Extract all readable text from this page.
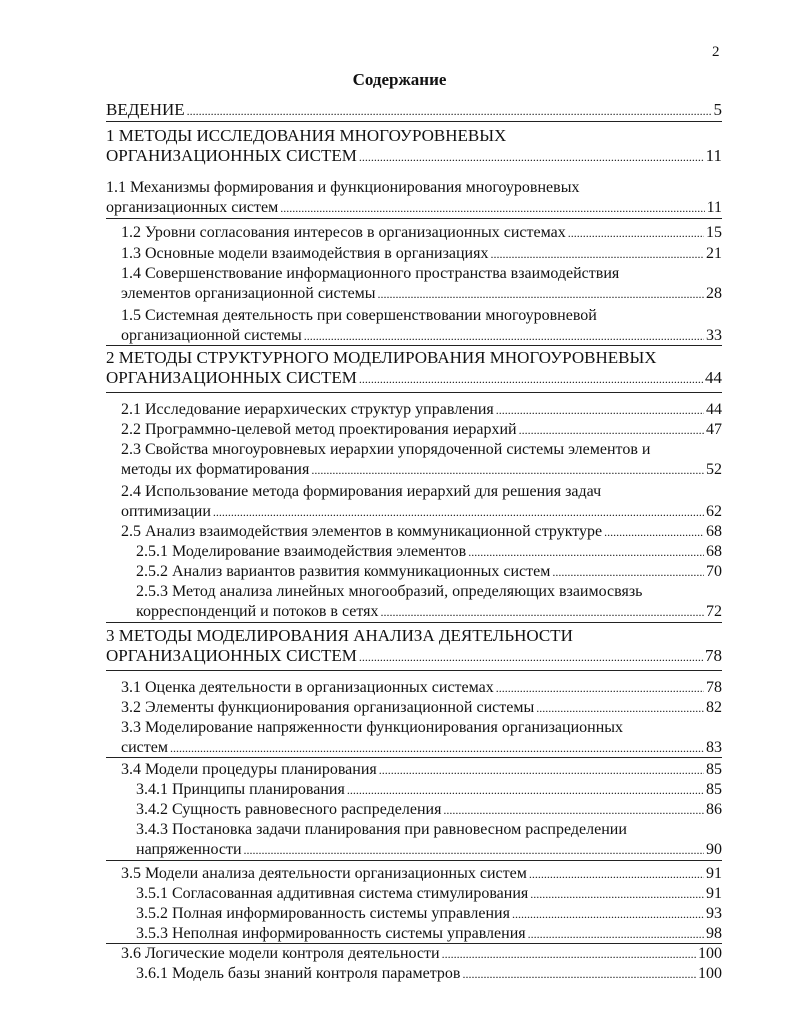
2
Содержание
ВЕДЕНИЕ . . .	5
1 МЕТОДЫ ИССЛЕДОВАНИЯ МНОГОУРОВНЕВЫХ
ОРГАНИЗАЦИОННЫХ СИСТЕМ . . .	11
1.1 Механизмы формирования и функционирования многоуровневых
организационных систем . . .	11
1.2 Уровни согласования интересов в организационных системах . . .	15
1.3 Основные модели взаимодействия в организациях . . .	21
1.4 Совершенствование информационного пространства взаимодействия
элементов организационной системы . . .	28
1.5 Системная деятельность при совершенствовании многоуровневой
организационной системы . . .	33
2 МЕТОДЫ СТРУКТУРНОГО МОДЕЛИРОВАНИЯ МНОГОУРОВНЕВЫХ
ОРГАНИЗАЦИОННЫХ СИСТЕМ . . .	44
2.1 Исследование иерархических структур управления . . .	44
2.2 Программно-целевой метод проектирования иерархий . . .	47
2.3 Свойства многоуровневых иерархии упорядоченной системы элементов и
методы их форматирования . . .	52
2.4 Использование метода формирования иерархий для решения задач
оптимизации . . .	62
2.5 Анализ взаимодействия элементов в коммуникационной структуре . . .	68
2.5.1 Моделирование взаимодействия элементов . . .	68
2.5.2 Анализ вариантов развития коммуникационных систем . . .	70
2.5.3 Метод анализа линейных многообразий, определяющих взаимосвязь
корреспонденций и потоков в сетях . . .	72
3 МЕТОДЫ МОДЕЛИРОВАНИЯ АНАЛИЗА ДЕЯТЕЛЬНОСТИ
ОРГАНИЗАЦИОННЫХ СИСТЕМ . . .	78
3.1 Оценка деятельности в организационных системах . . .	78
3.2 Элементы функционирования организационной системы . . .	82
3.3 Моделирование напряженности функционирования организационных
систем . . .	83
3.4 Модели процедуры планирования . . .	85
3.4.1 Принципы планирования . . .	85
3.4.2 Сущность равновесного распределения . . .	86
3.4.3 Постановка задачи планирования при равновесном распределении
напряженности . . .	90
3.5 Модели анализа деятельности организационных систем . . .	91
3.5.1 Согласованная аддитивная система стимулирования . . .	91
3.5.2 Полная информированность системы управления . . .	93
3.5.3 Неполная информированность системы управления . . .	98
3.6 Логические модели контроля деятельности . . .	100
3.6.1 Модель базы знаний контроля параметров . . .	100
